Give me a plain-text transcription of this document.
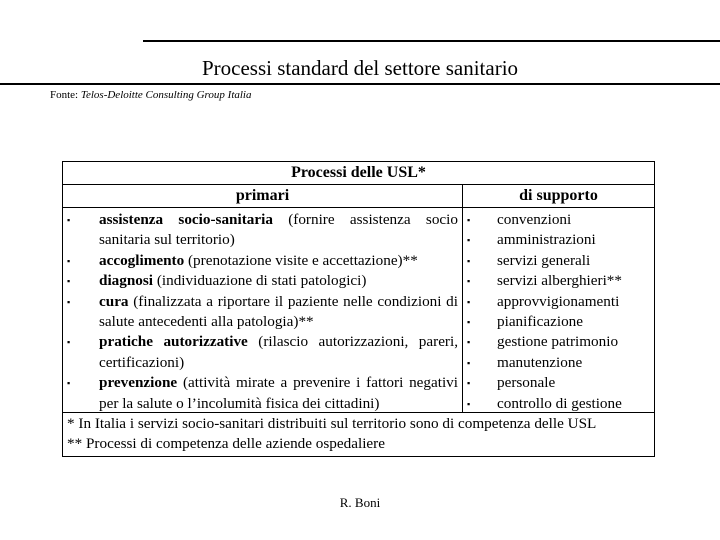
Processi standard del settore sanitario
Fonte: Telos-Deloitte Consulting Group Italia
Processi delle USL*
primari	di supporto
▪	assistenza socio-sanitaria (fornire assistenza socio sanitaria sul territorio)
▪	accoglimento (prenotazione visite e accettazione)**
▪	diagnosi (individuazione di stati patologici)
▪	cura (finalizzata a riportare il paziente nelle condizioni di salute antecedenti alla patologia)**
▪	pratiche autorizzative (rilascio autorizzazioni, pareri, certificazioni)
▪	prevenzione (attività mirate a prevenire i fattori negativi per la salute o l’incolumità fisica dei cittadini)
▪	convenzioni
▪	amministrazioni
▪	servizi generali
▪	servizi alberghieri**
▪	approvvigionamenti
▪	pianificazione
▪	gestione patrimonio
▪	manutenzione
▪	personale
▪	controllo di gestione
* In Italia i servizi socio-sanitari distribuiti sul territorio sono di competenza delle USL
** Processi di competenza delle aziende ospedaliere
R. Boni
